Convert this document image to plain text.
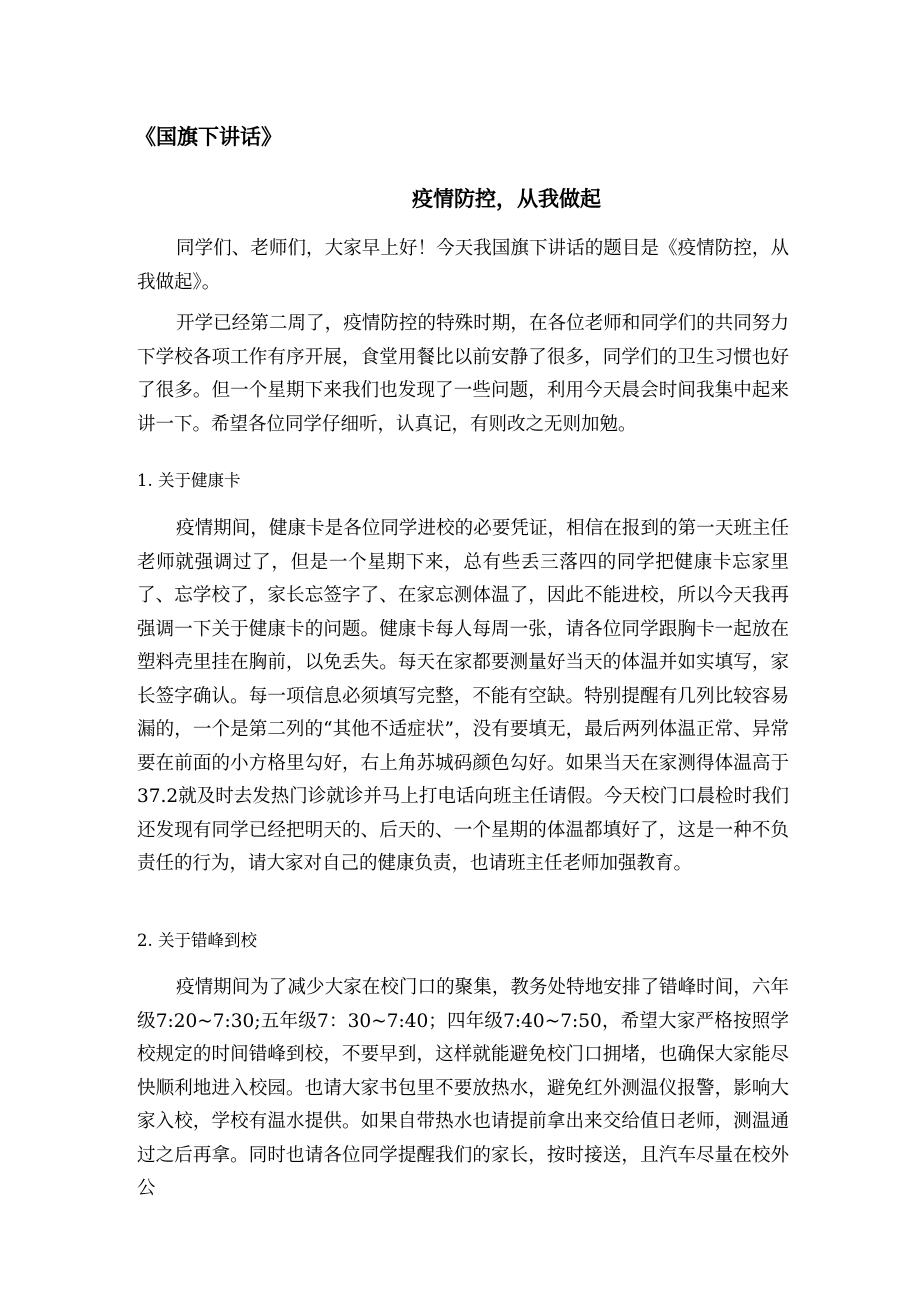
《国旗下讲话》
疫情防控，从我做起

同学们、老师们，大家早上好！今天我国旗下讲话的题目是《疫情防控，从我做起》。

开学已经第二周了，疫情防控的特殊时期，在各位老师和同学们的共同努力下学校各项工作有序开展，食堂用餐比以前安静了很多，同学们的卫生习惯也好了很多。但一个星期下来我们也发现了一些问题，利用今天晨会时间我集中起来讲一下。希望各位同学仔细听，认真记，有则改之无则加勉。

1. 关于健康卡

疫情期间，健康卡是各位同学进校的必要凭证，相信在报到的第一天班主任老师就强调过了，但是一个星期下来，总有些丢三落四的同学把健康卡忘家里了、忘学校了，家长忘签字了、在家忘测体温了，因此不能进校，所以今天我再强调一下关于健康卡的问题。健康卡每人每周一张，请各位同学跟胸卡一起放在塑料壳里挂在胸前，以免丢失。每天在家都要测量好当天的体温并如实填写，家长签字确认。每一项信息必须填写完整，不能有空缺。特别提醒有几列比较容易漏的，一个是第二列的“其他不适症状”，没有要填无，最后两列体温正常、异常要在前面的小方格里勾好，右上角苏城码颜色勾好。如果当天在家测得体温高于37.2就及时去发热门诊就诊并马上打电话向班主任请假。今天校门口晨检时我们还发现有同学已经把明天的、后天的、一个星期的体温都填好了，这是一种不负责任的行为，请大家对自己的健康负责，也请班主任老师加强教育。

2. 关于错峰到校

疫情期间为了减少大家在校门口的聚集，教务处特地安排了错峰时间，六年级7:20~7:30;五年级7：30~7:40；四年级7:40~7:50，希望大家严格按照学校规定的时间错峰到校，不要早到，这样就能避免校门口拥堵，也确保大家能尽快顺利地进入校园。也请大家书包里不要放热水，避免红外测温仪报警，影响大家入校，学校有温水提供。如果自带热水也请提前拿出来交给值日老师，测温通过之后再拿。同时也请各位同学提醒我们的家长，按时接送，且汽车尽量在校外公
